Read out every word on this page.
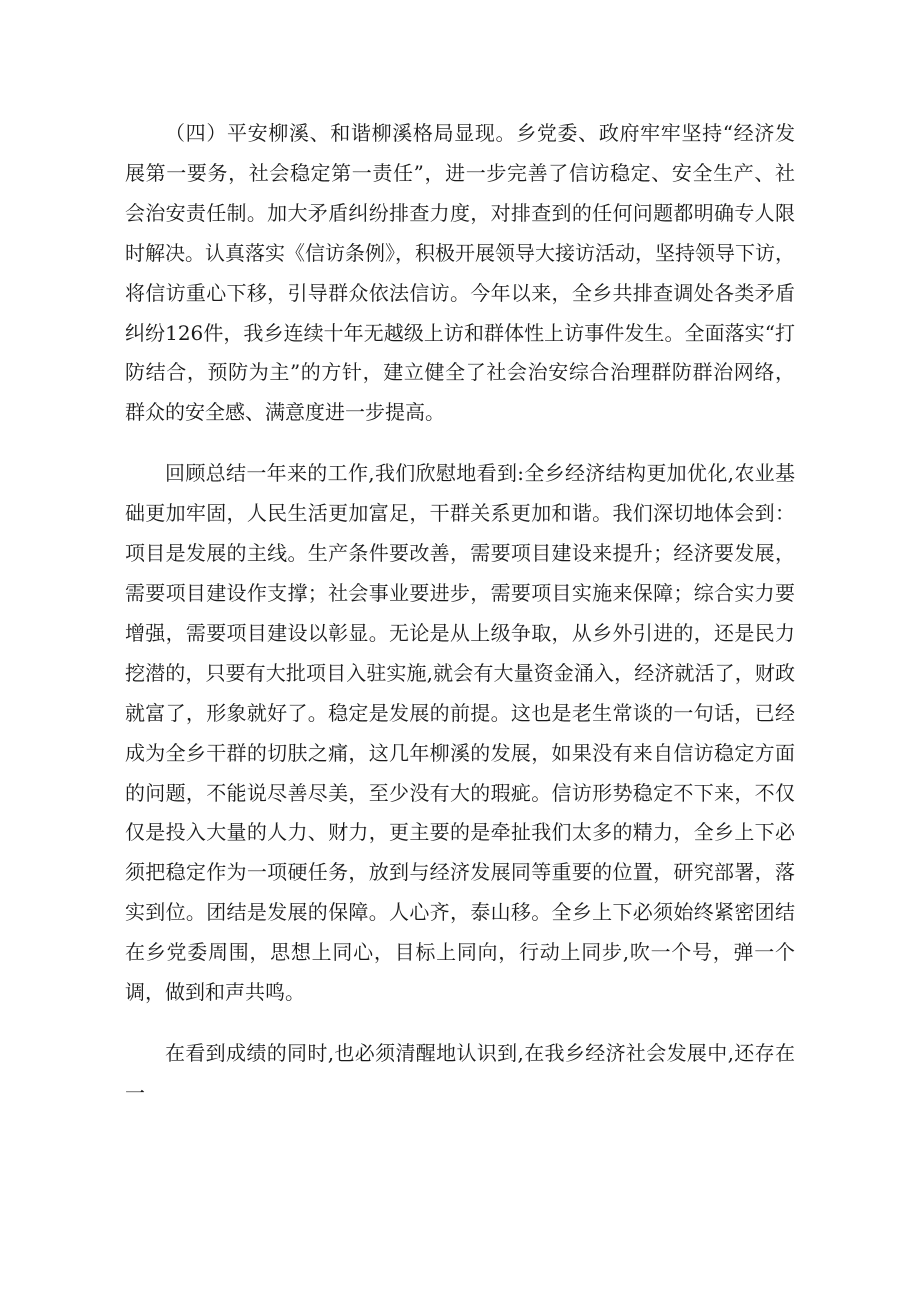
（四）平安柳溪、和谐柳溪格局显现。乡党委、政府牢牢坚持“经济发展第一要务，社会稳定第一责任”，进一步完善了信访稳定、安全生产、社会治安责任制。加大矛盾纠纷排查力度，对排查到的任何问题都明确专人限时解决。认真落实《信访条例》，积极开展领导大接访活动，坚持领导下访，将信访重心下移，引导群众依法信访。今年以来，全乡共排查调处各类矛盾纠纷126件，我乡连续十年无越级上访和群体性上访事件发生。全面落实“打防结合，预防为主”的方针，建立健全了社会治安综合治理群防群治网络，群众的安全感、满意度进一步提高。

回顾总结一年来的工作,我们欣慰地看到:全乡经济结构更加优化,农业基础更加牢固，人民生活更加富足，干群关系更加和谐。我们深切地体会到：项目是发展的主线。生产条件要改善，需要项目建设来提升；经济要发展，需要项目建设作支撑；社会事业要进步，需要项目实施来保障；综合实力要增强，需要项目建设以彰显。无论是从上级争取，从乡外引进的，还是民力挖潜的，只要有大批项目入驻实施,就会有大量资金涌入，经济就活了，财政就富了，形象就好了。稳定是发展的前提。这也是老生常谈的一句话，已经成为全乡干群的切肤之痛，这几年柳溪的发展，如果没有来自信访稳定方面的问题，不能说尽善尽美，至少没有大的瑕疵。信访形势稳定不下来，不仅仅是投入大量的人力、财力，更主要的是牵扯我们太多的精力，全乡上下必须把稳定作为一项硬任务，放到与经济发展同等重要的位置，研究部署，落实到位。团结是发展的保障。人心齐，泰山移。全乡上下必须始终紧密团结在乡党委周围，思想上同心，目标上同向，行动上同步,吹一个号，弹一个调，做到和声共鸣。

在看到成绩的同时,也必须清醒地认识到,在我乡经济社会发展中,还存在一
